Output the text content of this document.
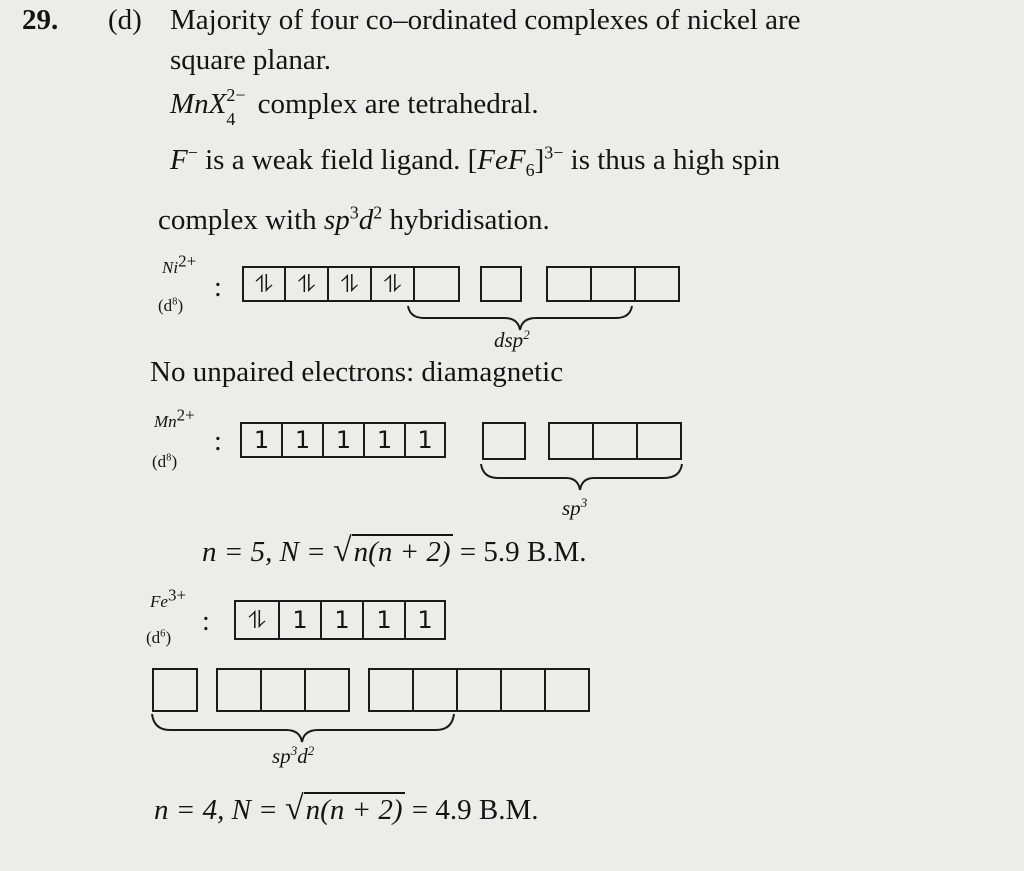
29. (d) Majority of four co–ordinated complexes of nickel are
square planar.
MnX 2−
4 complex are tetrahedral.
F− is a weak field ligand. $[FeF_6]^{3-}$ is thus a high spin
complex with $sp^3d^2$ hybridisation.
$Ni^{2+}$
$(d^8)$
:	⥮	⥮	⥮	⥮
dsp$^2$
No unpaired electrons: diamagnetic
$Mn^{2+}$
$(d^8)$
:	1	1	1	1	1
$sp^3$
n = 5, N = √n(n + 2) = 5.9 B.M.
$Fe^{3+}$
$(d^6)$
:	⥮	1	1	1	1
$sp^3d^2$
n = 4, N = √n(n + 2) = 4.9 B.M.
